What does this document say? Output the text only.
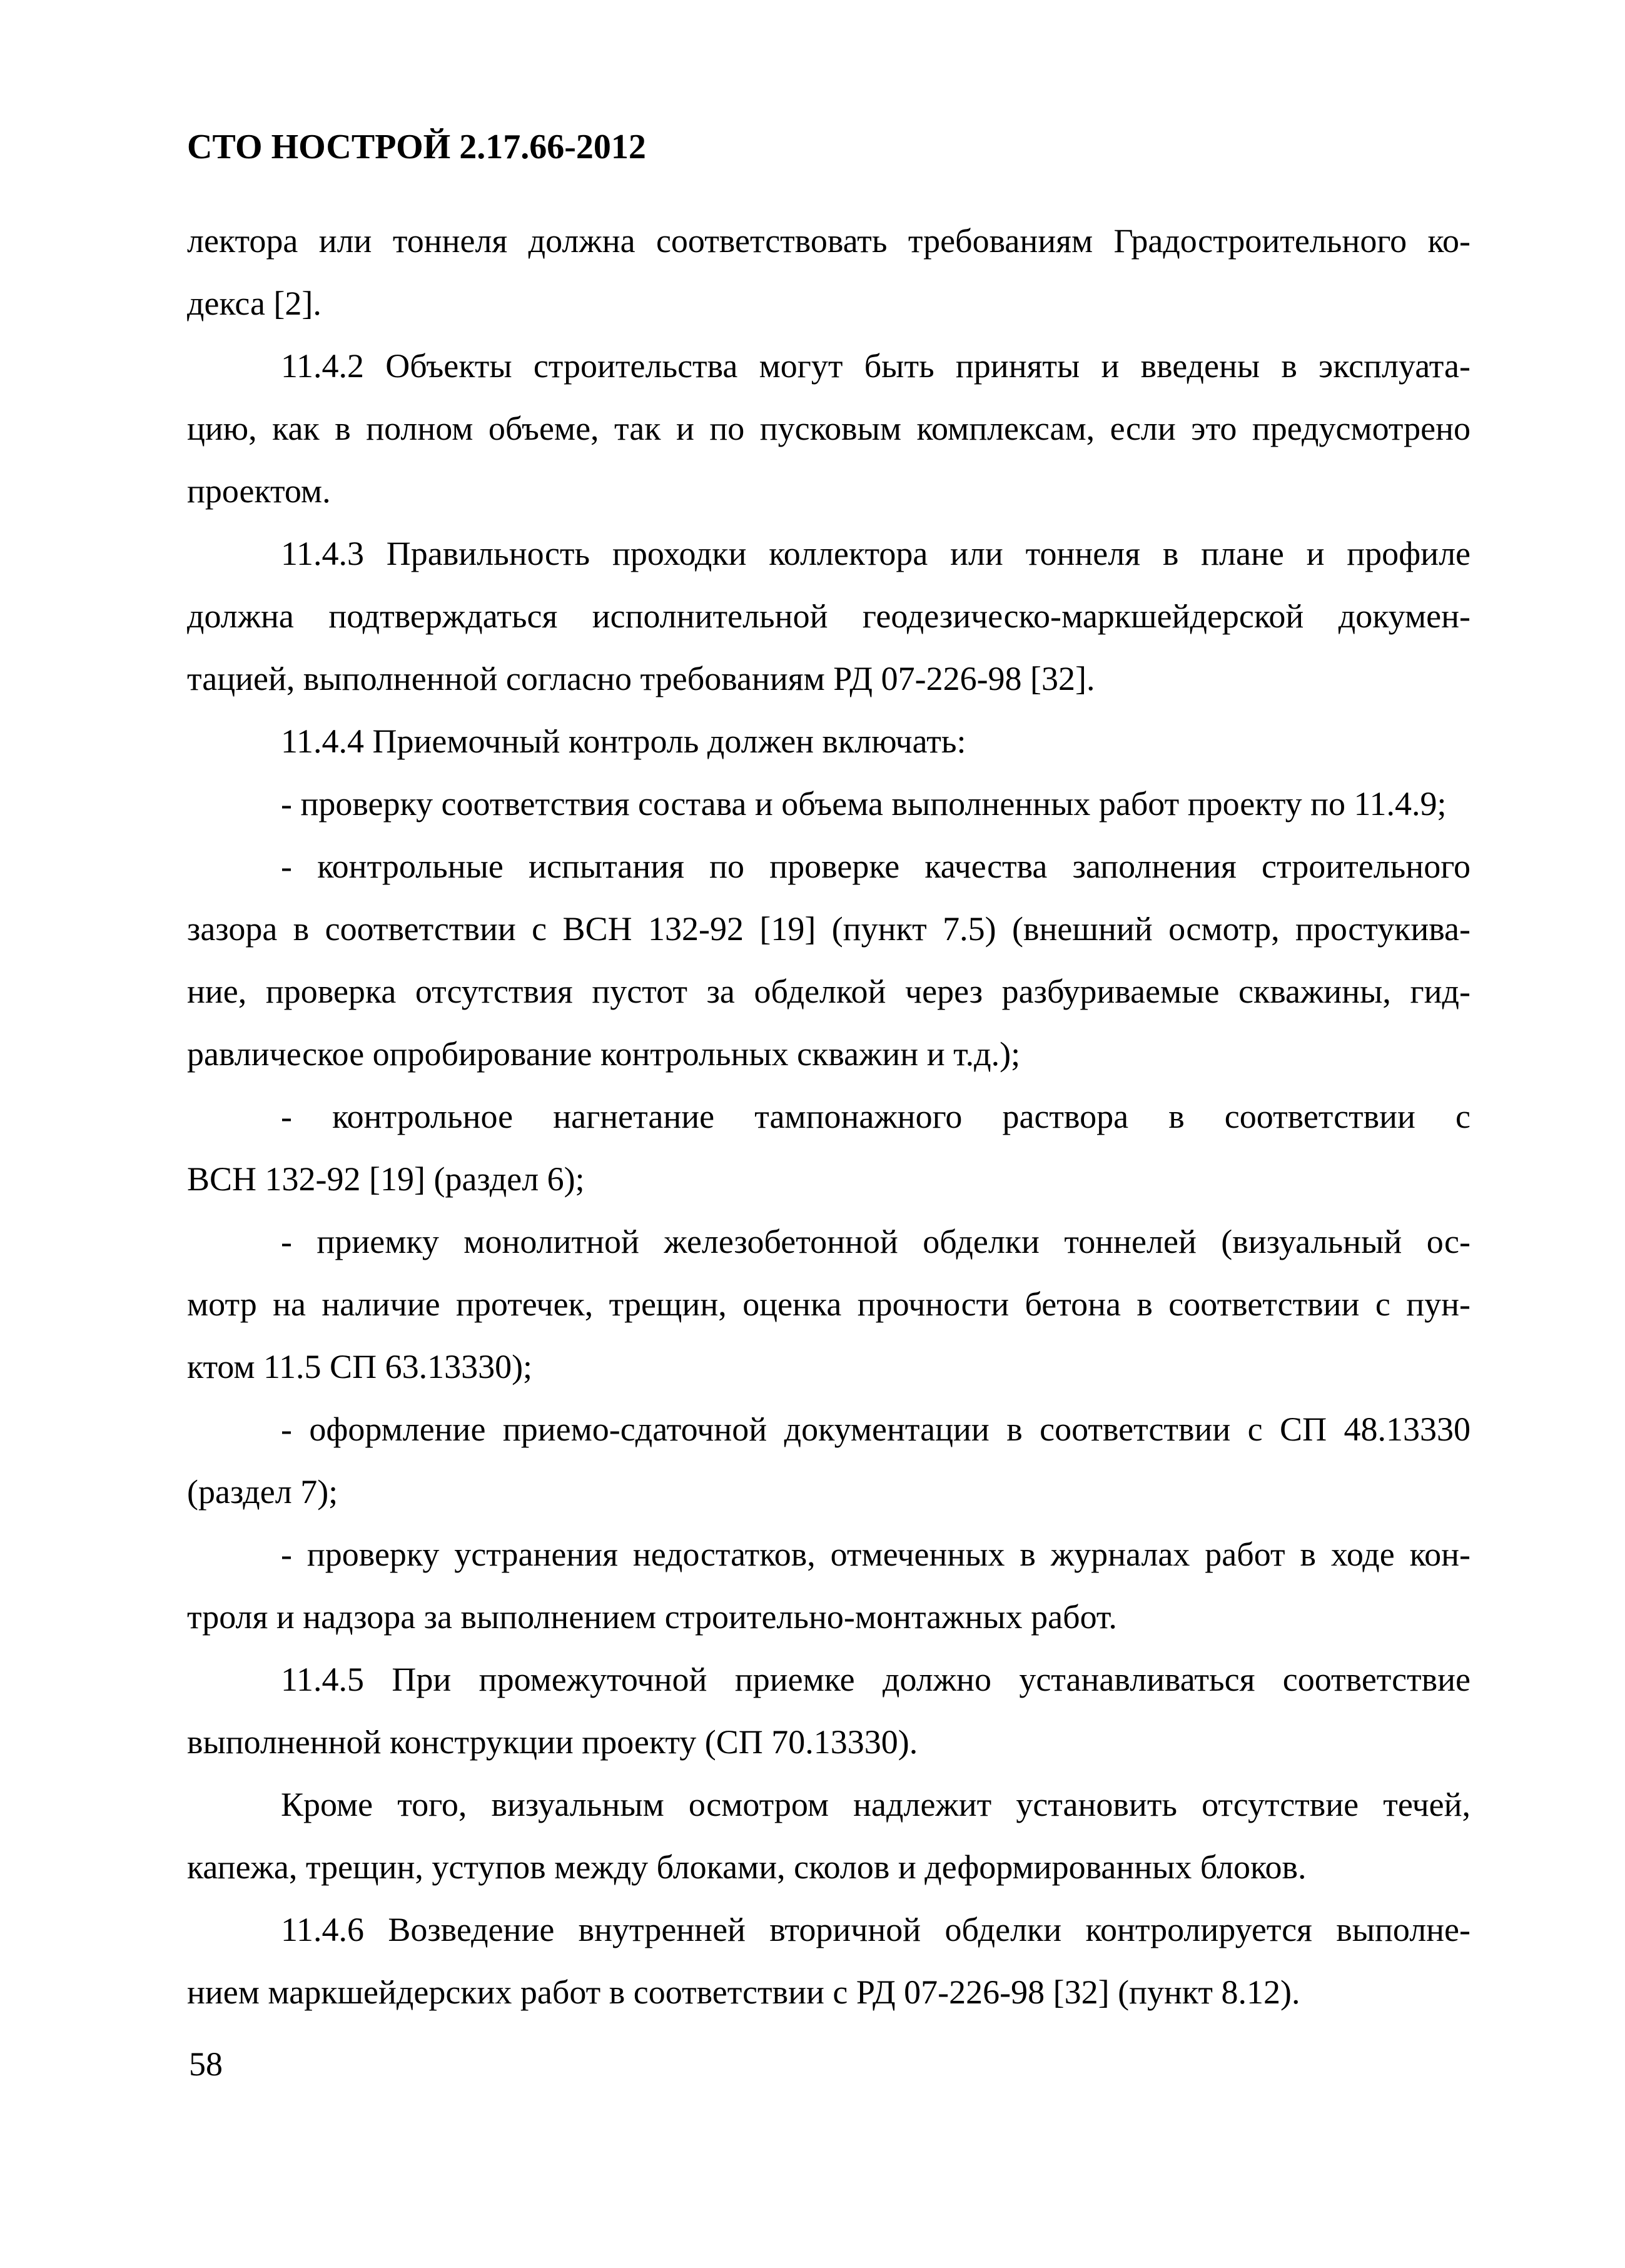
СТО НОСТРОЙ 2.17.66-2012
лектора или тоннеля должна соответствовать требованиям Градостроительного ко-
декса [2].
11.4.2 Объекты строительства могут быть приняты и введены в эксплуата-
цию, как в полном объеме, так и по пусковым комплексам, если это предусмотрено
проектом.
11.4.3 Правильность проходки коллектора или тоннеля в плане и профиле
должна подтверждаться исполнительной геодезическо-маркшейдерской докумен-
тацией, выполненной согласно требованиям РД 07-226-98 [32].
11.4.4 Приемочный контроль должен включать:
- проверку соответствия состава и объема выполненных работ проекту по 11.4.9;
- контрольные испытания по проверке качества заполнения строительного
зазора в соответствии с ВСН 132-92 [19] (пункт 7.5) (внешний осмотр, простукива-
ние, проверка отсутствия пустот за обделкой через разбуриваемые скважины, гид-
равлическое опробирование контрольных скважин и т.д.);
- контрольное нагнетание тампонажного раствора в соответствии с
ВСН 132-92 [19] (раздел 6);
- приемку монолитной железобетонной обделки тоннелей (визуальный ос-
мотр на наличие протечек, трещин, оценка прочности бетона в соответствии с пун-
ктом 11.5 СП 63.13330);
- оформление приемо-сдаточной документации в соответствии с СП 48.13330
(раздел 7);
- проверку устранения недостатков, отмеченных в журналах работ в ходе кон-
троля и надзора за выполнением строительно-монтажных работ.
11.4.5 При промежуточной приемке должно устанавливаться соответствие
выполненной конструкции проекту (СП 70.13330).
Кроме того, визуальным осмотром надлежит установить отсутствие течей,
капежа, трещин, уступов между блоками, сколов и деформированных блоков.
11.4.6 Возведение внутренней вторичной обделки контролируется выполне-
нием маркшейдерских работ в соответствии с РД 07-226-98 [32] (пункт 8.12).
58
